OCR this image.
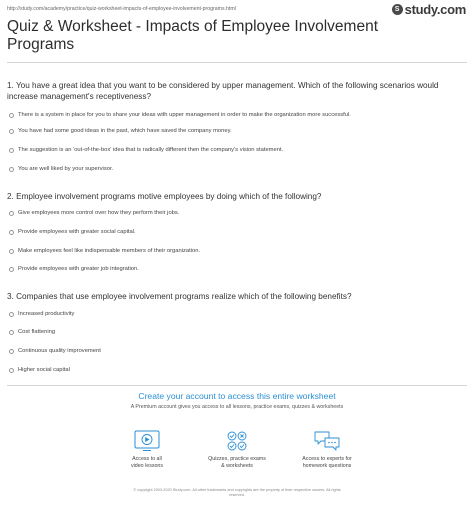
http://study.com/academy/practice/quiz-worksheet-impacts-of-employee-involvement-programs.html	S study.com
Quiz & Worksheet - Impacts of Employee Involvement Programs
1. You have a great idea that you want to be considered by upper management. Which of the following scenarios would increase management's receptiveness?
There is a system in place for you to share your ideas with upper management in order to make the organization more successful.
You have had some good ideas in the past, which have saved the company money.
The suggestion is an 'out-of-the-box' idea that is radically different then the company's vision statement.
You are well liked by your supervisor.
2. Employee involvement programs motive employees by doing which of the following?
Give employees more control over how they perform their jobs.
Provide employees with greater social capital.
Make employees feel like indispensable members of their organization.
Provide employees with greater job integration.
3. Companies that use employee involvement programs realize which of the following benefits?
Increased productivity
Cost flattening
Continuous quality improvement
Higher social capital
Create your account to access this entire worksheet
A Premium account gives you access to all lessons, practice exams, quizzes & worksheets
Access to all
video lessons
Quizzes, practice exams
& worksheets
Access to experts for
homework questions
© copyright 2003-2020 Study.com. All other trademarks and copyrights are the property of their respective owners. All rights
reserved.
